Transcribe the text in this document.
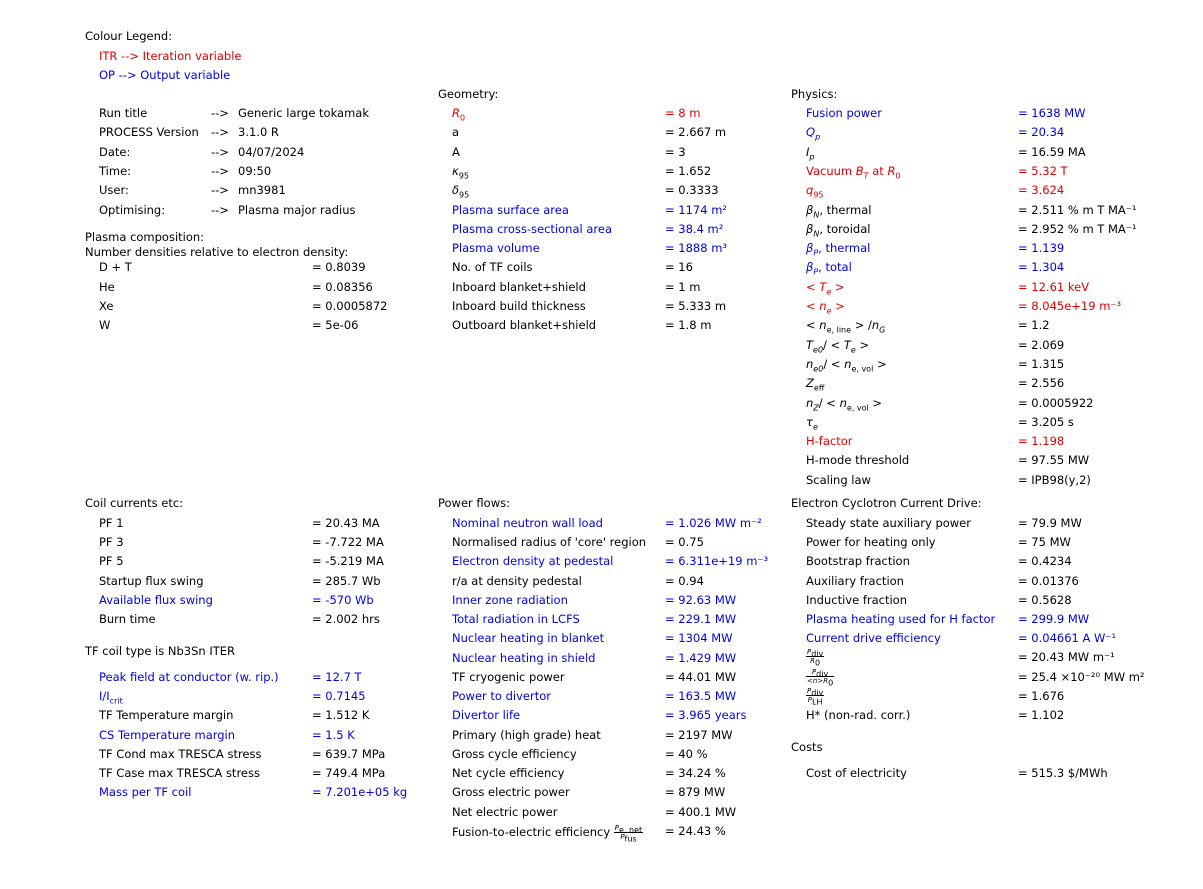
Colour Legend:
ITR --> Iteration variable
OP --> Output variable
Run title	--> Generic large tokamak
PROCESS Version --> 3.1.0 R
Date:	--> 04/07/2024
Time:	--> 09:50
User:	--> mn3981
Optimising:	--> Plasma major radius
Plasma composition:
Number densities relative to electron density:
D + T	= 0.8039
He	= 0.08356
Xe	= 0.0005872
W	= 5e-06
Geometry:
$R_0$	= 8 m
a	= 2.667 m
A	= 3
$\kappa_{95}$	= 1.652
$\delta_{95}$	= 0.3333
Plasma surface area	= 1174 m²
Plasma cross-sectional area	= 38.4 m²
Plasma volume	= 1888 m³
No. of TF coils	= 16
Inboard blanket+shield	= 1 m
Inboard build thickness	= 5.333 m
Outboard blanket+shield	= 1.8 m
Physics:
Fusion power	= 1638 MW
$Q_p$	= 20.34
$I_p$	= 16.59 MA
Vacuum $B_T$ at $R_0$	= 5.32 T
$q_{95}$	= 3.624
$\beta_N$, thermal	= 2.511 % m T MA⁻¹
$\beta_N$, toroidal	= 2.952 % m T MA⁻¹
$\beta_P$, thermal	= 1.139
$\beta_P$, total	= 1.304
< $T_e$ >	= 12.61 keV
< $n_e$ >	= 8.045e+19 m⁻³
< $n_{e, line} > /n_G$	= 1.2
$T_{e0}/ < T_e$ >	= 2.069
$n_{e0}/ < n_{e, vol}$ >	= 1.315
$Z_{eff}$	= 2.556
$n_Z/ < n_{e, vol}$ >	= 0.0005922
$\tau_e$	= 3.205 s
H-factor	= 1.198
H-mode threshold	= 97.55 MW
Scaling law	= IPB98(y,2)
Coil currents etc:
PF 1	= 20.43 MA
PF 3	= -7.722 MA
PF 5	= -5.219 MA
Startup flux swing	= 285.7 Wb
Available flux swing	= -570 Wb
Burn time	= 2.002 hrs
TF coil type is Nb3Sn ITER
Peak field at conductor (w. rip.)	= 12.7 T
$I/I_{crit}$	= 0.7145
TF Temperature margin	= 1.512 K
CS Temperature margin	= 1.5 K
TF Cond max TRESCA stress	= 639.7 MPa
TF Case max TRESCA stress	= 749.4 MPa
Mass per TF coil	= 7.201e+05 kg
Power flows:
Nominal neutron wall load	= 1.026 MW m⁻²
Normalised radius of 'core' region = 0.75
Electron density at pedestal	= 6.311e+19 m⁻³
r/a at density pedestal	= 0.94
Inner zone radiation	= 92.63 MW
Total radiation in LCFS	= 229.1 MW
Nuclear heating in blanket	= 1304 MW
Nuclear heating in shield	= 1.429 MW
TF cryogenic power	= 44.01 MW
Power to divertor	= 163.5 MW
Divertor life	= 3.965 years
Primary (high grade) heat	= 2197 MW
Gross cycle efficiency	= 40 %
Net cycle efficiency	= 34.24 %
Gross electric power	= 879 MW
Net electric power	= 400.1 MW
Fusion-to-electric efficiency $\frac{P_{e, net}}{P_{fus}} = 24.43$ %
Electron Cyclotron Current Drive:
Steady state auxiliary power	= 79.9 MW
Power for heating only	= 75 MW
Bootstrap fraction	= 0.4234
Auxiliary fraction	= 0.01376
Inductive fraction	= 0.5628
Plasma heating used for H factor = 299.9 MW
Current drive efficiency	= 0.04661 A W⁻¹
$\frac{P_{div}}{R_0}$	= 20.43 MW m⁻¹
$\frac{P_{div}}{<n>R_0}$	= 25.4 ×10⁻²⁰ MW m²
$\frac{P_{div}}{P_{LH}}$	= 1.676
H* (non-rad. corr.)	= 1.102
Costs
Cost of electricity	= 515.3 $/MWh
